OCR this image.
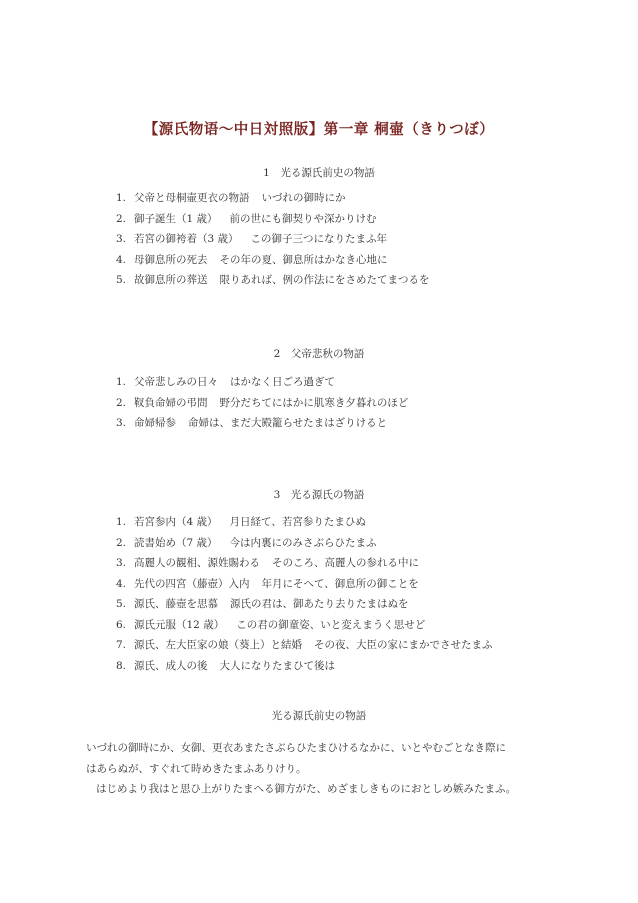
【源氏物语～中日対照版】第一章 桐壷（きりつぼ）
1　光る源氏前史の物語
1. 父帝と母桐壷更衣の物語 いづれの御時にか
2. 御子誕生（1 歳） 前の世にも御契りや深かりけむ
3. 若宮の御袴着（3 歳） この御子三つになりたまふ年
4. 母御息所の死去 その年の夏、御息所はかなき心地に
5. 故御息所の葬送 限りあれば、例の作法にをさめたてまつるを
2　父帝悲秋の物語
1. 父帝悲しみの日々 はかなく日ごろ過ぎて
2. 靫負命婦の弔問 野分だちてにはかに肌寒き夕暮れのほど
3. 命婦帰参 命婦は、まだ大殿籠らせたまはざりけると
3　光る源氏の物語
1. 若宮参内（4 歳） 月日経て、若宮参りたまひぬ
2. 読書始め（7 歳） 今は内裏にのみさぶらひたまふ
3. 高麗人の観相、源姓賜わる そのころ、高麗人の参れる中に
4. 先代の四宮（藤壺）入内 年月にそへて、御息所の御ことを
5. 源氏、藤壺を思慕 源氏の君は、御あたり去りたまはぬを
6. 源氏元服（12 歳） この君の御童姿、いと変えまうく思せど
7. 源氏、左大臣家の娘（葵上）と結婚 その夜、大臣の家にまかでさせたまふ
8. 源氏、成人の後 大人になりたまひて後は
光る源氏前史の物語

いづれの御時にか、女御、更衣あまたさぶらひたまひけるなかに、いとやむごとなき際に

はあらぬが、すぐれて時めきたまふありけり。

はじめより我はと思ひ上がりたまへる御方がた、めざましきものにおとしめ嫉みたまふ。
